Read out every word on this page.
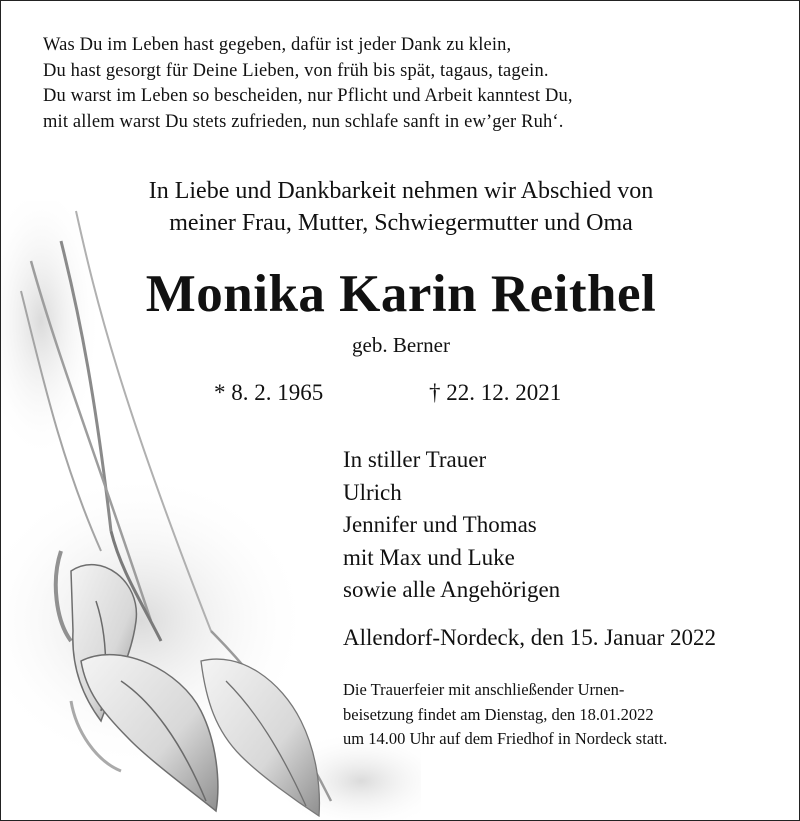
Was Du im Leben hast gegeben, dafür ist jeder Dank zu klein,
Du hast gesorgt für Deine Lieben, von früh bis spät, tagaus, tagein.
Du warst im Leben so bescheiden, nur Pflicht und Arbeit kanntest Du,
mit allem warst Du stets zufrieden, nun schlafe sanft in ew’ger Ruh‘.
In Liebe und Dankbarkeit nehmen wir Abschied von
meiner Frau, Mutter, Schwiegermutter und Oma
Monika Karin Reithel
geb. Berner
* 8. 2. 1965	† 22. 12. 2021
In stiller Trauer
Ulrich
Jennifer und Thomas
mit Max und Luke
sowie alle Angehörigen
Allendorf-Nordeck, den 15. Januar 2022
Die Trauerfeier mit anschließender Urnen-
beisetzung findet am Dienstag, den 18.01.2022
um 14.00 Uhr auf dem Friedhof in Nordeck statt.
